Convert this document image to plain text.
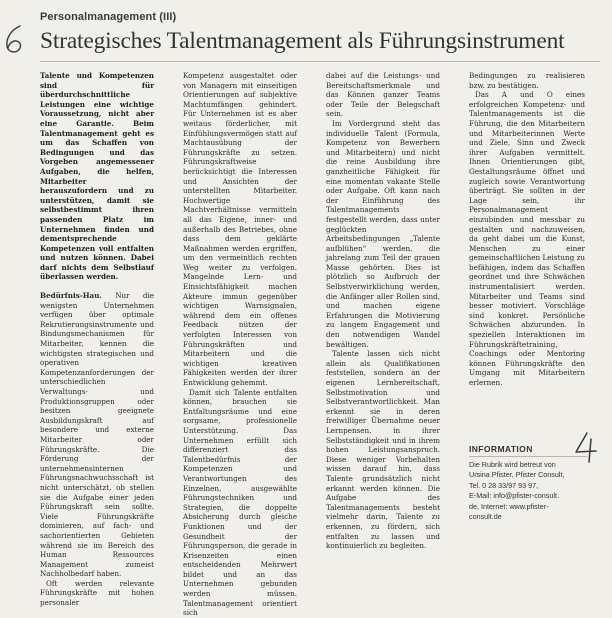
Personalmanagement (III)
Strategisches Talentmanagement als Führungsinstrument

Talente und Kompetenzen sind für überdurchschnittliche Leistungen eine wichtige Voraussetzung, nicht aber eine Garantie. Beim Talentmanagement geht es um das Schaffen von Bedingungen und das Vorgeben angemessener Aufgaben, die helfen, Mitarbeiter herauszufordern und zu unterstützen, damit sie selbstbestimmt ihren passenden Platz im Unternehmen finden und dementsprechende Kompetenzen voll entfalten und nutzen können. Dabei darf nichts dem Selbstlauf überlassen werden.

Bedürfnis-Hau. Nur die wenigsten Unternehmen verfügen über optimale Rekrutierungsinstrumente und Bindungsmechanismen für Mitarbeiter, kennen die wichtigsten strategischen und operativen Kompetenzanforderungen der unterschiedlichen Verwaltungs- und Produktionsgruppen oder besitzen geeignete Ausbildungskraft auf besondere und externe Mitarbeiter oder Führungskräfte. Die Förderung der unternehmensinternen Führungsnachwuchsschaft ist nicht unterschätzt, ob stellen sie die Aufgabe einer jeden Führungskraft sein sollte. Viele Führungskräfte dominieren, auf fach- und sachorientierten Gebieten während sie im Bereich des Human Ressources Management zumeist Nachholbedarf haben.

Oft werden relevante Führungskräfte mit hohen personaler

Kompetenz ausgestaltet oder von Managern mit einseitigen Orientierungen auf subjektive Machtumfängen gehindert. Für Unternehmen ist es aber weitaus förderlicher, mit Einfühlungsvermögen statt auf Machtausübung der Führungskräfte zu setzen. Führungskraftweise berücksichtigt die Interessen und Ansichten der unterstellten Mitarbeiter. Hochwertige Machtverhältnisse vermitteln all das Eigene, inner- und außerhalb des Betriebes, ohne dass dem geklärte Maßnahmen werden ergriffen, um den vermeintlich rechten Weg weiter zu verfolgen. Mangelnde Lern- und Einsichtsfähigkeit machen Akteure immun gegenüber wichtigen Warnsignalen, während dem ein offenes Feedback nützen der verfolgten Interessen von Führungskräften und Mitarbeitern und die wichtigen kreativen Fähigkeiten werden der ihrer Entwicklung gehemmt.

Damit sich Talente entfalten können, brauchen sie Entfaltungsräume und eine sorgsame, professionelle Unterstützung. Das Unternehmen erfüllt sich differenziert das Talentbedürfnis der Kompetenzen und Verantwortungen des Einzelnen, ausgewählte Führungstechniken und Strategien, die doppelte Absicherung durch gleiche Funktionen und der Gesundheit der Führungsperson, die gerade in Krisenzeiten einen entscheidenden Mehrwert bildet und an das Unternehmen gebunden werden müssen. Talentmanagement orientiert sich

dabei auf die Leistungs- und Bereitschaftsmerkmale und das Können ganzer Teams oder Teile der Belegschaft sein.

Im Vordergrund steht das individuelle Talent (Formula, Kompetenz von Bewerbern und Mitarbeitern) und nicht die reine Ausbildung ihre ganzheitliche Fähigkeit für eine momentan vakante Stelle oder Aufgabe. Oft kann nach der Einführung des Talentmanagements festgestellt werden, dass unter geglückten Arbeitsbedingungen „Talente aufblühen“ werden, die jahrelang zum Teil der grauen Masse gehörten. Dies ist plötzlich so Aufbruch der Selbstverwirklichung werden, die Anfänger aller Rollen sind, und machen eigene Erfahrungen die Motivierung zu langem Engagement und den notwendigen Wandel bewältigen.

Talente lassen sich nicht allein als Qualifikationen feststellen, sondern an der eigenen Lernbereitschaft, Selbstmotivation und Selbstverantwortlichkeit. Man erkennt sie in deren freiwilliger Übernahme neuer Lernpensen, in ihrer Selbstständigkeit und in ihrem hohen Leistungsanspruch. Diese weniger Vorbehalten wissen darauf hin, dass Talente grundsätzlich nicht erkannt werden können. Die Aufgabe des Talentmanagements besteht vielmehr darin, Talente zu erkennen, zu fördern, sich entfalten zu lassen und kontinuierlich zu begleiten.

Bedingungen zu realisieren bzw. zu bestätigen.

Das A und O eines erfolgreichen Kompetenz- und Talentmanagements ist die Führung, die den Mitarbeitern und Mitarbeiterinnen Werte und Ziele, Sinn und Zweck ihrer Aufgaben vermittelt. Ihnen Orientierungen gibt, Gestaltungsräume öffnet und zugleich sowie Verantwortung überträgt. Sie sollten in der Lage sein, ihr Personalmanagement einzubinden und messbar zu gestalten und nachzuweisen, da geht dabei um die Kunst, Menschen zu einer gemeinschaftlichen Leistung zu befähigen, indem das Schaffen geordnet und ihre Schwächen instrumentalisiert werden. Mitarbeiter und Teams sind besser motiviert. Vorschläge sind konkret. Persönliche Schwächen abzurunden. In speziellen Interaktionen im Führungskräftetraining, Coachings oder Mentoring können Führungskräfte den Umgang mit Mitarbeitern erlernen.

INFORMATION

Die Rubrik wird betreut von

Ursina Pfister, Pfister Consult,

Tel. 0 28 33/97 93 97,

E-Mail: info@pfister-consult.

de, Internet: www.pfister-

consult.de
